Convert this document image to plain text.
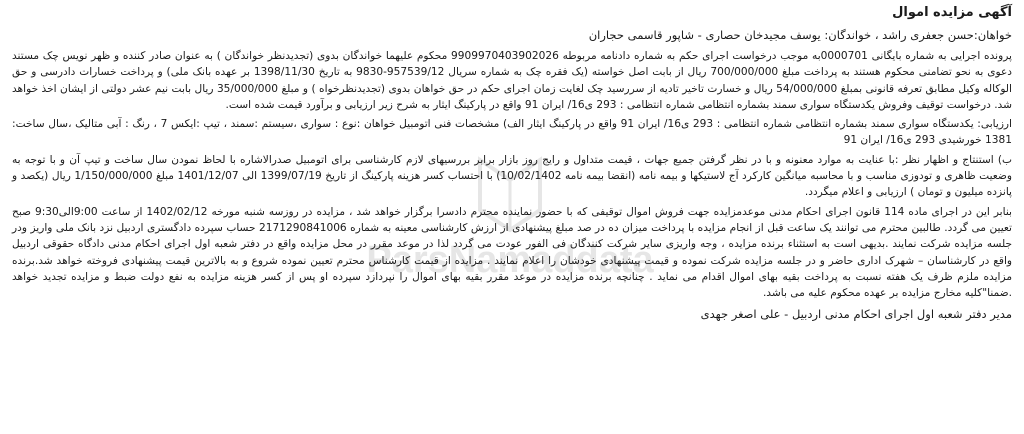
ParsNamaddata
آگهی مزایده اموال
خواهان:حسن جعفری راشد ، خواندگان: یوسف مجیدخان حصاری - شاپور قاسمی حجاران

پرونده اجرایی به شماره بایگانی 0000701به موجب درخواست اجرای حکم به شماره دادنامه مربوطه 9909970403902026 محکوم علیهما خواندگان بدوی (تجدیدنظر خواندگان ) به عنوان صادر کننده و ظهر نویس چک مستند دعوی به نحو تضامنی محکوم هستند به پرداخت مبلغ 700/000/000 ریال از بابت اصل خواسته (یک فقره چک به شماره سریال 957539/12-9830 به تاریخ 1398/11/30 بر عهده بانک ملی) و پرداخت خسارات دادرسی و حق الوکاله وکیل مطابق تعرفه قانونی بمبلغ 54/000/000 ریال و خسارت تاخیر تادیه از سررسید چک لغایت زمان اجرای حکم در حق خواهان بدوی (تجدیدنظرخواه ) و مبلغ 35/000/000 ریال بابت نیم عشر دولتی از ایشان اخذ خواهد شد. درخواست توقیف وفروش یکدستگاه سواری سمند بشماره انتظامی شماره انتظامی : 293 ی16/ ایران 91 واقع در پارکینگ ایثار به شرح زیر ارزیابی و برآورد قیمت شده است.

ارزیابی: یکدستگاه سواری سمند بشماره انتظامی شماره انتظامی : 293 ی16/ ایران 91 واقع در پارکینگ ایثار الف) مشخصات فنی اتومبیل خواهان :نوع : سواری ،سیستم :سمند ، تیپ :ایکس 7 ، رنگ : آبی متالیک ،سال ساخت: 1381 خورشیدی 293 ی16/ ایران 91

ب) استنتاج و اظهار نظر :با عنایت به موارد معنونه و با در نظر گرفتن جمیع جهات ، قیمت متداول و رایج روز بازار برابر بررسیهای لازم کارشناسی برای اتومبیل صدرالاشاره با لحاظ نمودن سال ساخت و تیپ آن و با توجه به وضعیت ظاهری و تودوزی مناسب و با محاسبه میانگین کارکرد آج لاستیکها و بیمه نامه (انقضا بیمه نامه 10/02/1402) با احتساب کسر هزینه پارکینگ از تاریخ 1399/07/19 الی 1401/12/07 مبلغ 1/150/000/000 ریال (یکصد و پانزده میلیون و تومان ) ارزیابی و اعلام میگردد.

بنابر این در اجرای ماده 114 قانون اجرای احکام مدنی موعدمزایده جهت فروش اموال توقیفی که با حضور نماینده محترم دادسرا برگزار خواهد شد ، مزایده در روزسه شنبه مورخه 1402/02/12 از ساعت 9:00الی9:30 صبح تعیین می گردد. طالبین محترم می توانند یک ساعت قبل از انجام مزایده با پرداخت میزان ده در صد مبلغ پیشنهادی از ارزش کارشناسی معینه به شماره 2171290841006 حساب سپرده دادگستری اردبیل نزد بانک ملی واریز ودر جلسه مزایده شرکت نمایند .بدیهی است به استثناء برنده مزایده ، وجه واریزی سایر شرکت کنندگان فی الفور عودت می گردد لذا در موعد مقرر در محل مزایده واقع در دفتر شعبه اول اجرای احکام مدنی دادگاه حقوقی اردبیل واقع در کارشناسان – شهرک اداری حاضر و در جلسه مزایده شرکت نموده و قیمت پیشنهادی خودشان را اعلام نمایند . مزایده از قیمت کارشناس محترم تعیین نموده شروع و به بالاترین قیمت پیشنهادی فروخته خواهد شد.برنده مزایده ملزم ظرف یک هفته نسبت به پرداخت بقیه بهای اموال اقدام می نماید . چنانچه برنده مزایده در موعد مقرر بقیه بهای اموال را نپردازد سپرده او پس از کسر هزینه مزایده به نفع دولت ضبط و مزایده تجدید خواهد .ضمنا"کلیه مخارج مزایده بر عهده محکوم علیه می باشد.

مدیر دفتر شعبه اول اجرای احکام مدنی اردبیل - علی اصغر جهدی
